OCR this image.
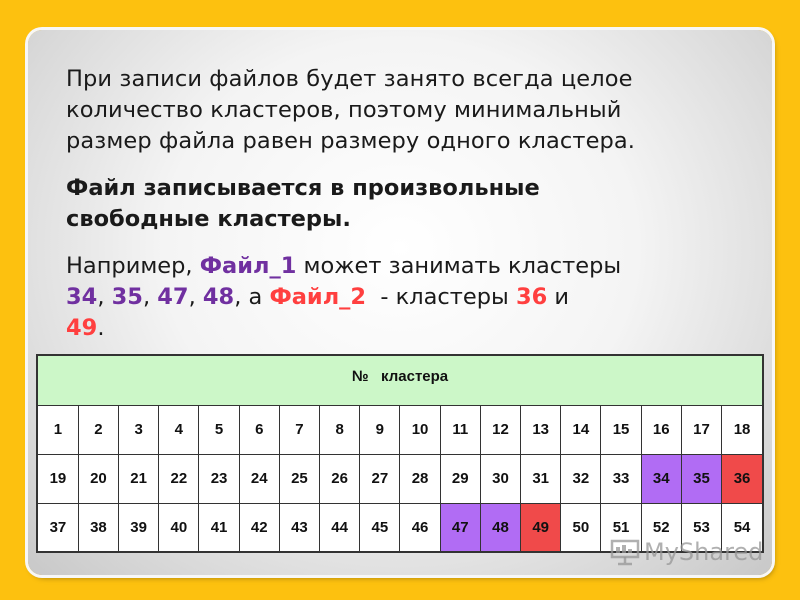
При записи файлов будет занято всегда целое
количество кластеров, поэтому минимальный
размер файла равен размеру одного кластера.
Файл записывается в произвольные
свободные кластеры.
Например, Файл_1 может занимать кластеры
34, 35, 47, 48, а Файл_2  - кластеры 36 и
49.
№   кластера																	
1	2	3	4	5	6	7	8	9	10	11	12	13	14	15	16	17	18
19	20	21	22	23	24	25	26	27	28	29	30	31	32	33	34	35	36
37	38	39	40	41	42	43	44	45	46	47	48	49	50	51	52	53	54
MyShared
